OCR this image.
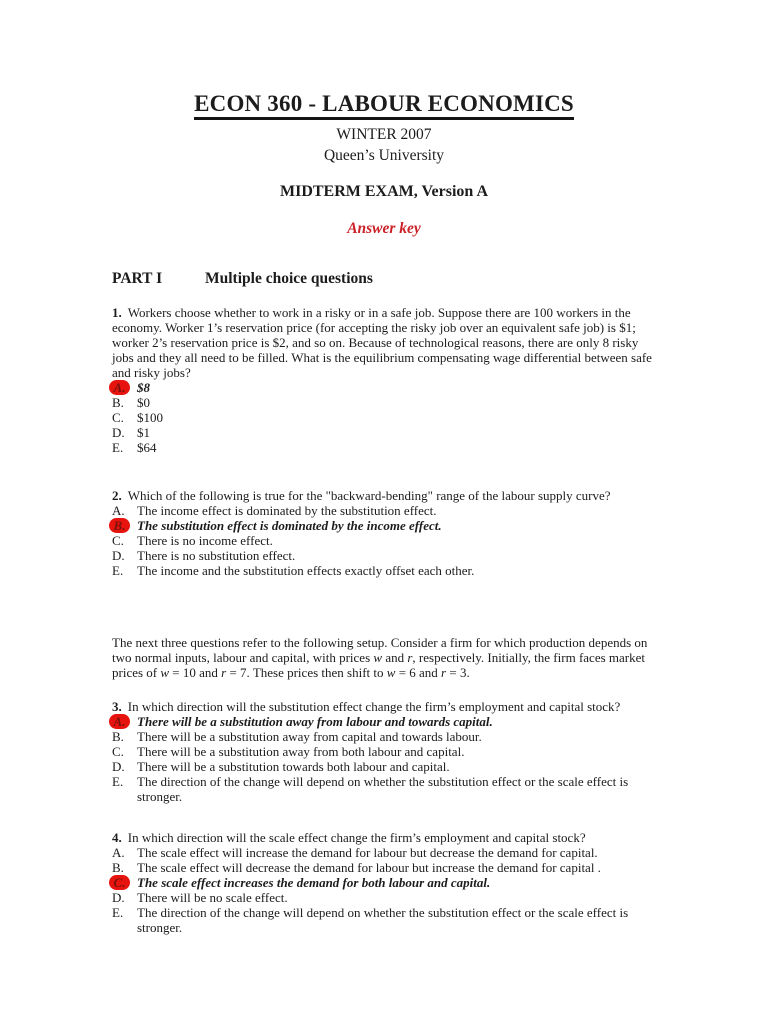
ECON 360 - LABOUR ECONOMICS
WINTER 2007
Queen’s University
MIDTERM EXAM, Version A
Answer key
PART I	Multiple choice questions

1. Workers choose whether to work in a risky or in a safe job. Suppose there are 100 workers in the economy. Worker 1’s reservation price (for accepting the risky job over an equivalent safe job) is $1; worker 2’s reservation price is $2, and so on. Because of technological reasons, there are only 8 risky jobs and they all need to be filled. What is the equilibrium compensating wage differential between safe and risky jobs?

A. $8
B.	$0
C.	$100
D. $1
E.	$64

2. Which of the following is true for the "backward-bending" range of the labour supply curve?

A. The income effect is dominated by the substitution effect.
B. The substitution effect is dominated by the income effect.
C.	There is no income effect.
D. There is no substitution effect.
E.	The income and the substitution effects exactly offset each other.

The next three questions refer to the following setup. Consider a firm for which production depends on two normal inputs, labour and capital, with prices w and r, respectively. Initially, the firm faces market prices of w = 10 and r = 7. These prices then shift to w = 6 and r = 3.

3. In which direction will the substitution effect change the firm’s employment and capital stock?

A. There will be a substitution away from labour and towards capital.
B.	There will be a substitution away from capital and towards labour.
C.	There will be a substitution away from both labour and capital.
D. There will be a substitution towards both labour and capital.
E.	The direction of the change will depend on whether the substitution effect or the scale effect is stronger.

4. In which direction will the scale effect change the firm’s employment and capital stock?

A. The scale effect will increase the demand for labour but decrease the demand for capital.
B.	The scale effect will decrease the demand for labour but increase the demand for capital .
C. The scale effect increases the demand for both labour and capital.
D. There will be no scale effect.
E.	The direction of the change will depend on whether the substitution effect or the scale effect is stronger.
